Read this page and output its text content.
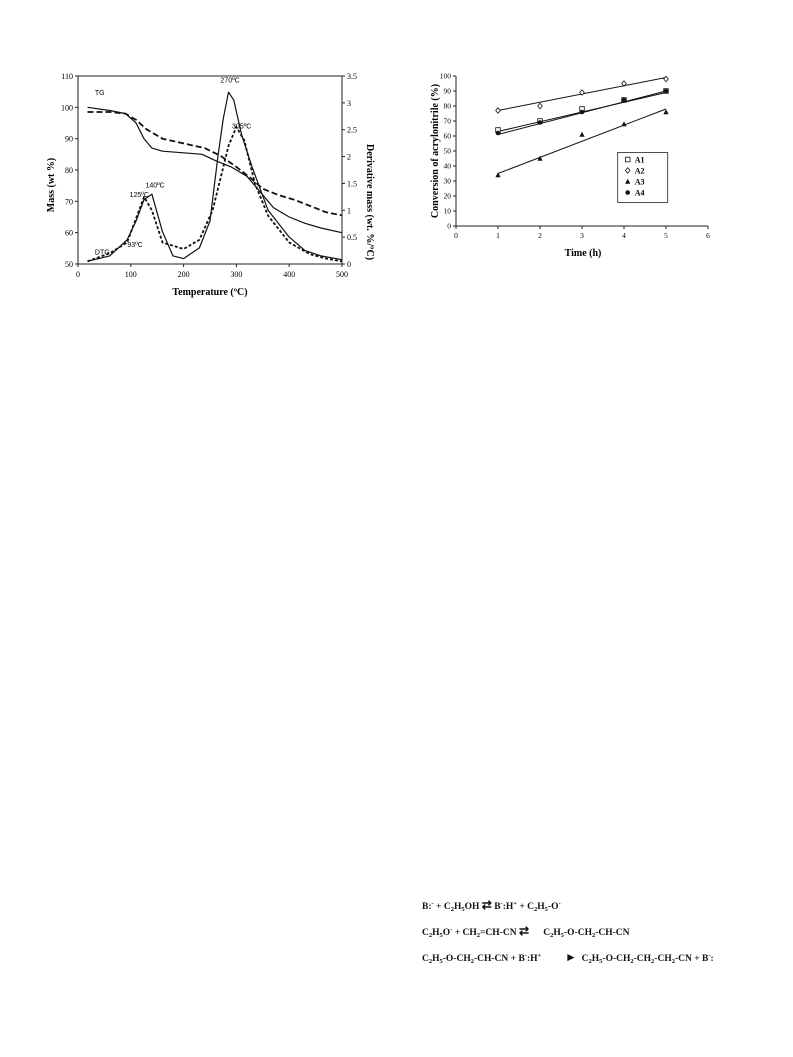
0	100	200	300	400	500
50
60
70
80
90
100
110
0
0.5
1
1.5
2
2.5
3
3.5
TG
DTG
270ºC
305ºC
125ºC
140ºC
93ºC
Temperature (ºC)
Mass (wt %)	Derivative mass (wt. %/ºC)	0	1	2	3	4	5	6
0
10
20
30
40
50
60
70
80
90
100
A1
A2
A3
A4
Time (h)
Conversion of acrylonitrile (%)
B:- + $C_2H_5OH$ ⇄ B-:H+ + $C_2H_5-O^-$
$C_2H_5O^- + CH_2=CH-CN$ ⇄      $C_2H_5-O-CH_2-CH-CN$
$C_2H_5-O-CH_2-CH-CN$ + B-:H+ ►  $C_2H_5-O-CH_2-CH_2-CH_2-CN + B^-$:
